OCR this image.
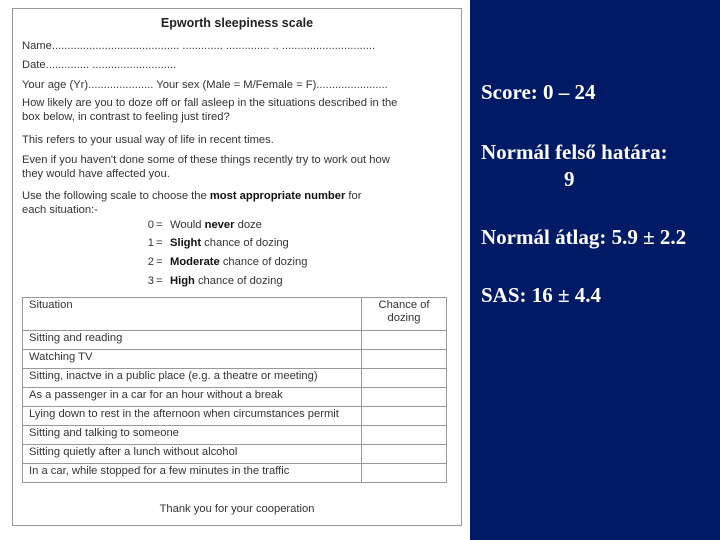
Epworth sleepiness scale
Name......................................... ............. .............. .. ..............................
Date.............. ...........................
Your age (Yr)..................... Your sex (Male = M/Female = F).......................
How likely are you to doze off or fall asleep in the situations described in the
box below, in contrast to feeling just tired?
This refers to your usual way of life in recent times.
Even if you haven't done some of these things recently try to work out how
they would have affected you.
Use the following scale to choose the most appropriate number for
each situation:-
0 = Would never doze
1 = Slight chance of dozing
2 = Moderate chance of dozing
3 = High chance of dozing
Situation	Chance of dozing
Sitting and reading	
Watching TV	
Sitting, inactve in a public place (e.g. a theatre or meeting)	
As a passenger in a car for an hour without a break	
Lying down to rest in the afternoon when circumstances permit	
Sitting and talking to someone	
Sitting quietly after a lunch without alcohol	
In a car, while stopped for a few minutes in the traffic	
Thank you for your cooperation
Score: 0 – 24
Normál felső határa:
9
Normál átlag: 5.9 ± 2.2
SAS: 16 ± 4.4
